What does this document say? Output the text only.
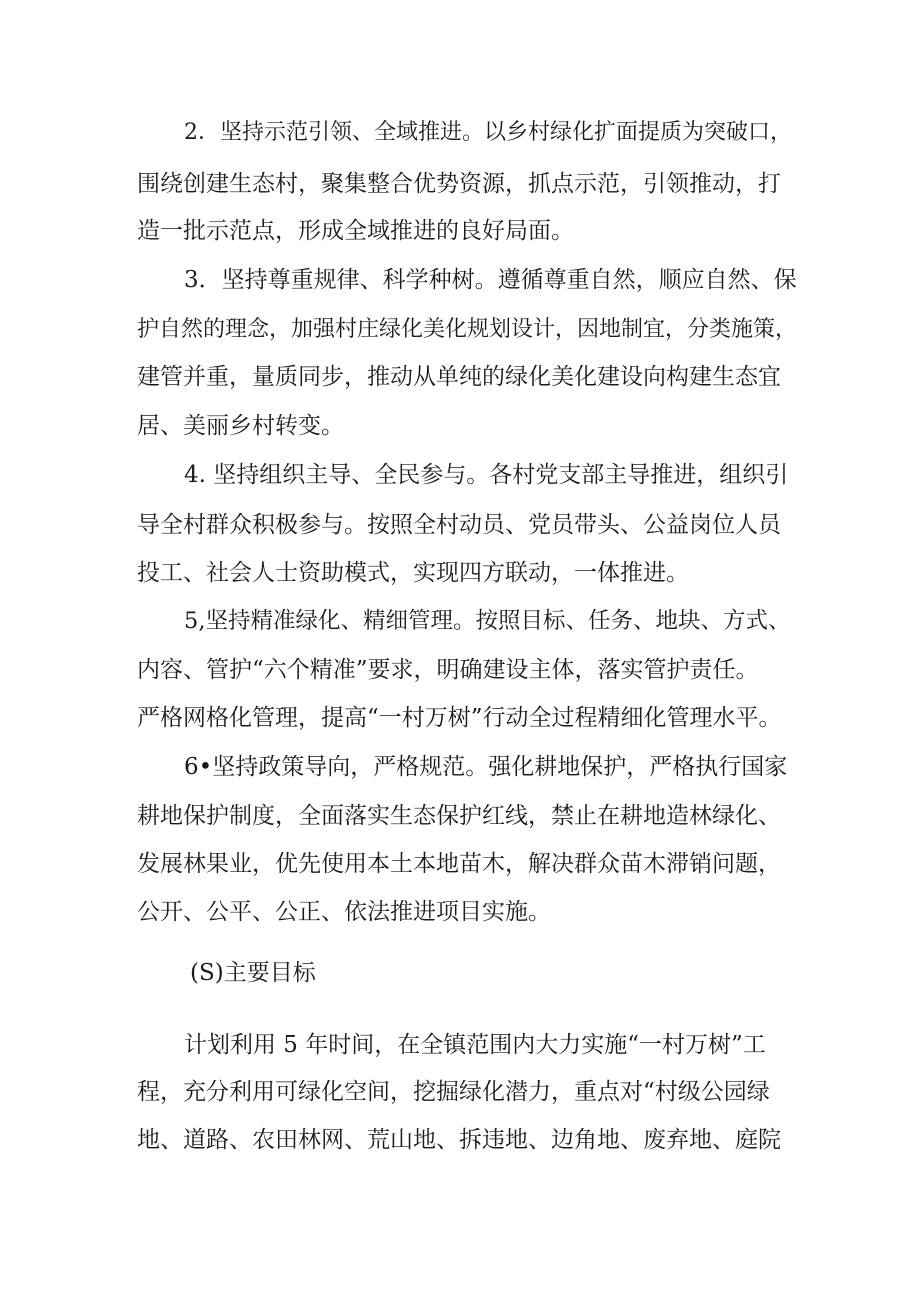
2．坚持示范引领、全域推进。以乡村绿化扩面提质为突破口，
围绕创建生态村，聚集整合优势资源，抓点示范，引领推动，打
造一批示范点，形成全域推进的良好局面。
3．坚持尊重规律、科学种树。遵循尊重自然，顺应自然、保
护自然的理念，加强村庄绿化美化规划设计，因地制宜，分类施策，
建管并重，量质同步，推动从单纯的绿化美化建设向构建生态宜
居、美丽乡村转变。
4. 坚持组织主导、全民参与。各村党支部主导推进，组织引
导全村群众积极参与。按照全村动员、党员带头、公益岗位人员
投工、社会人士资助模式，实现四方联动，一体推进。
5,坚持精准绿化、精细管理。按照目标、任务、地块、方式、
内容、管护“六个精准”要求，明确建设主体，落实管护责任。
严格网格化管理，提高“一村万树”行动全过程精细化管理水平。
6•坚持政策导向，严格规范。强化耕地保护，严格执行国家
耕地保护制度，全面落实生态保护红线，禁止在耕地造林绿化、
发展林果业，优先使用本土本地苗木，解决群众苗木滞销问题，
公开、公平、公正、依法推进项目实施。
(S)主要目标
计划利用 5 年时间，在全镇范围内大力实施“一村万树”工
程，充分利用可绿化空间，挖掘绿化潜力，重点对“村级公园绿
地、道路、农田林网、荒山地、拆违地、边角地、废弃地、庭院
